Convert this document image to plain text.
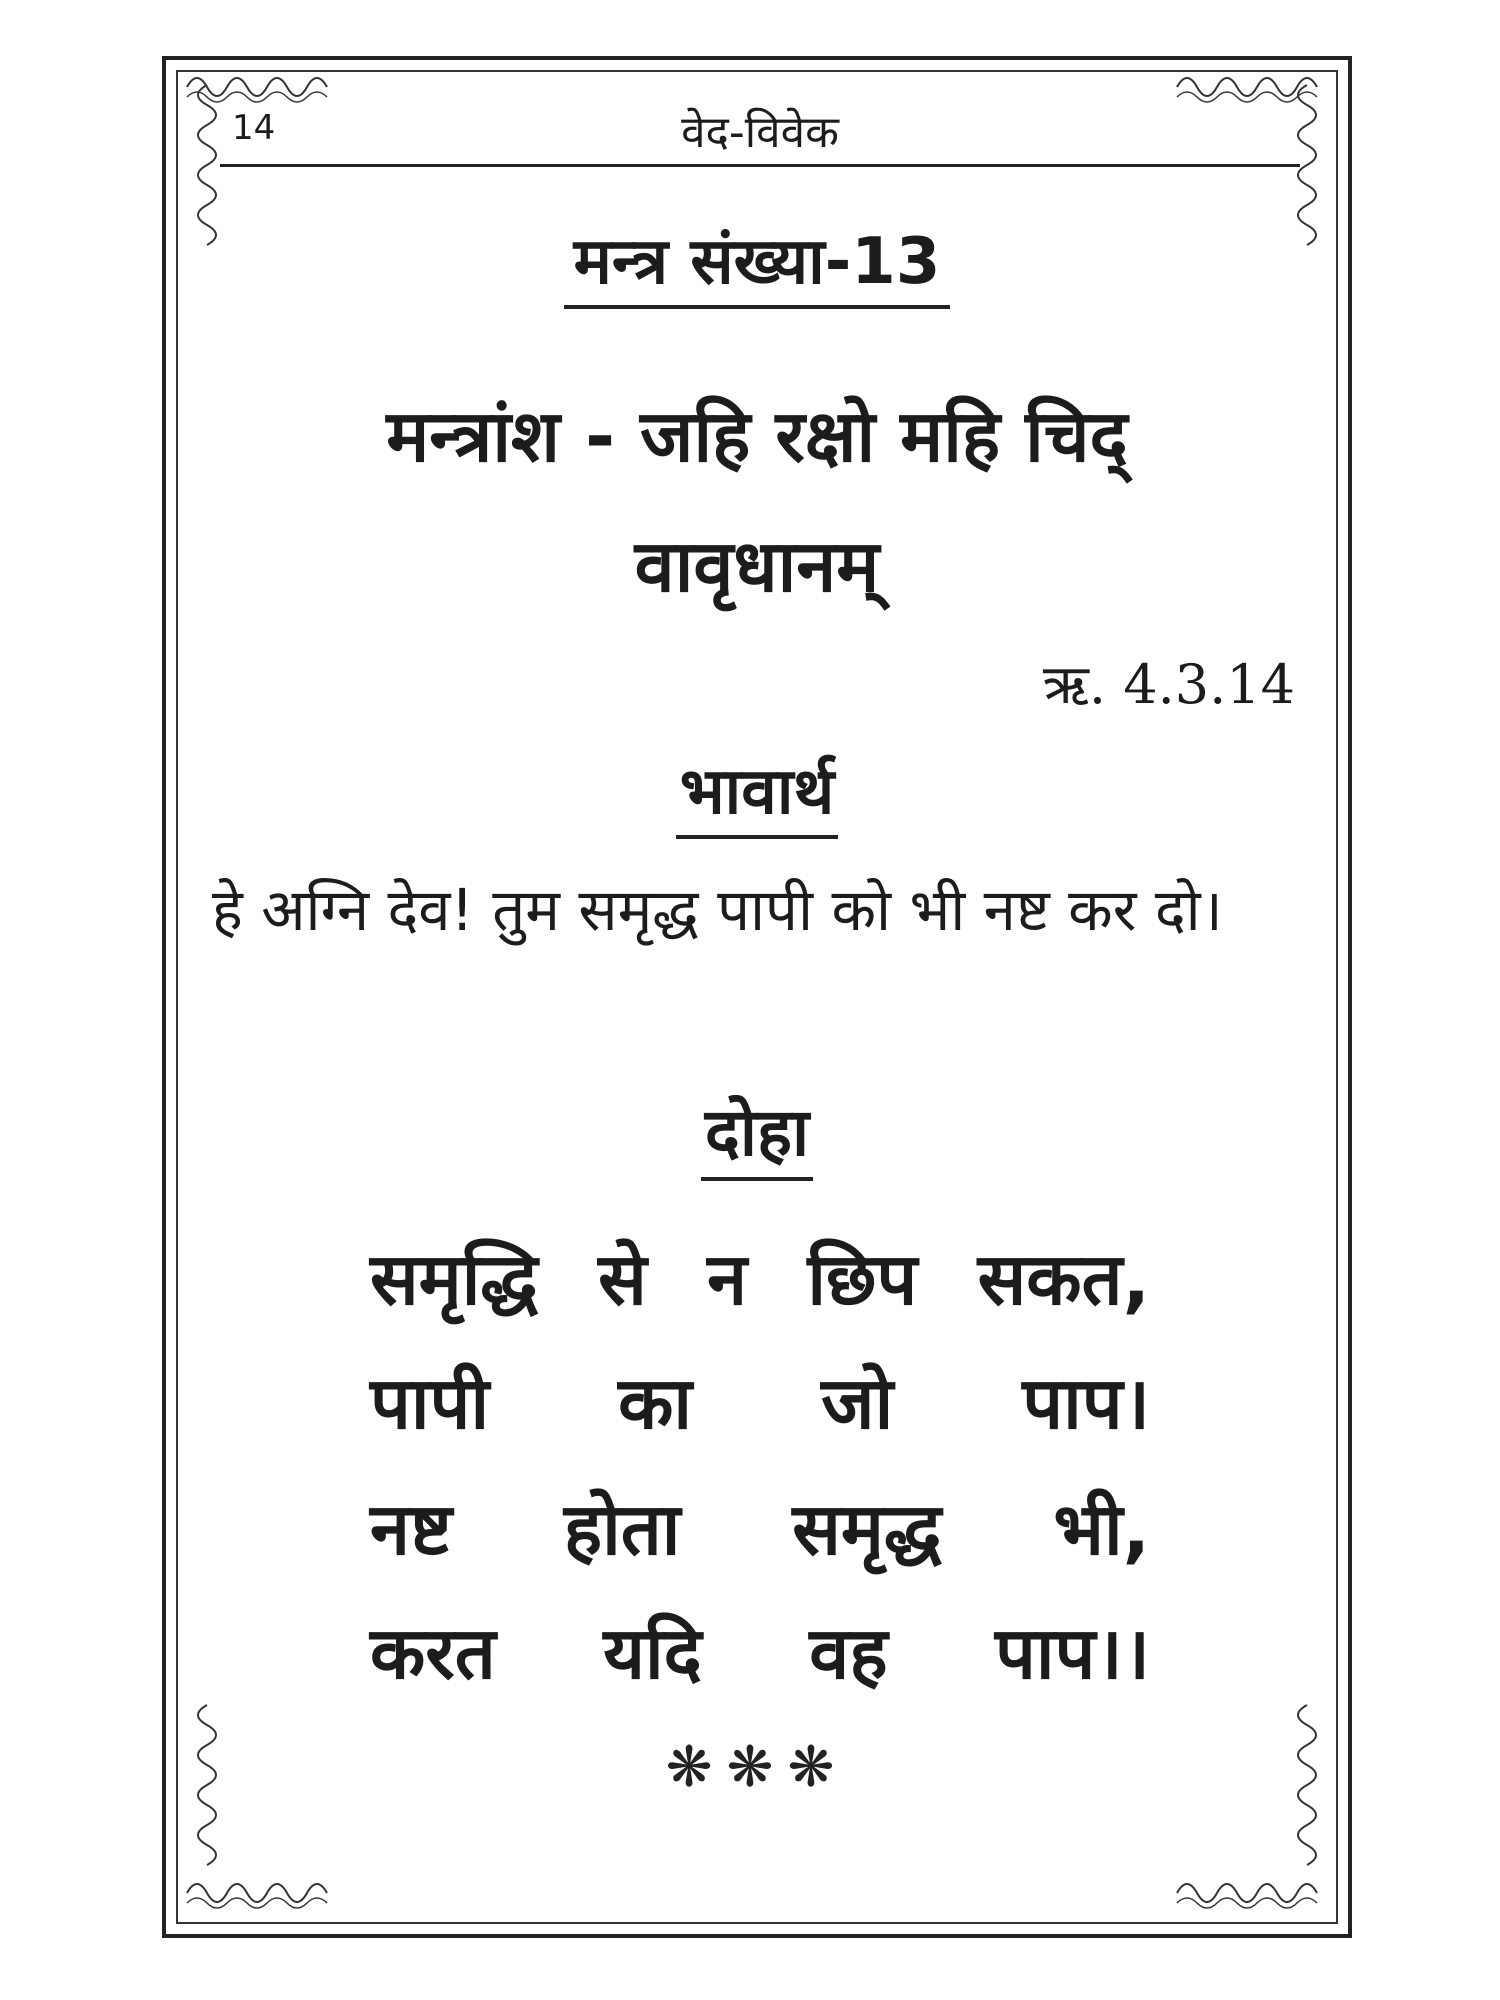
14	वेद-विवेक
मन्त्र संख्या-13
मन्त्रांश - जहि रक्षो महि चिद्
वावृधानम्
ऋ. 4.3.14
भावार्थ
हे अग्नि देव! तुम समृद्ध पापी को भी नष्ट कर दो।
दोहा
समृद्धि से न छिप सकत,
पापी का जो पाप।
नष्ट होता समृद्ध भी,
करत यदि वह पाप।।
❋❋❋
